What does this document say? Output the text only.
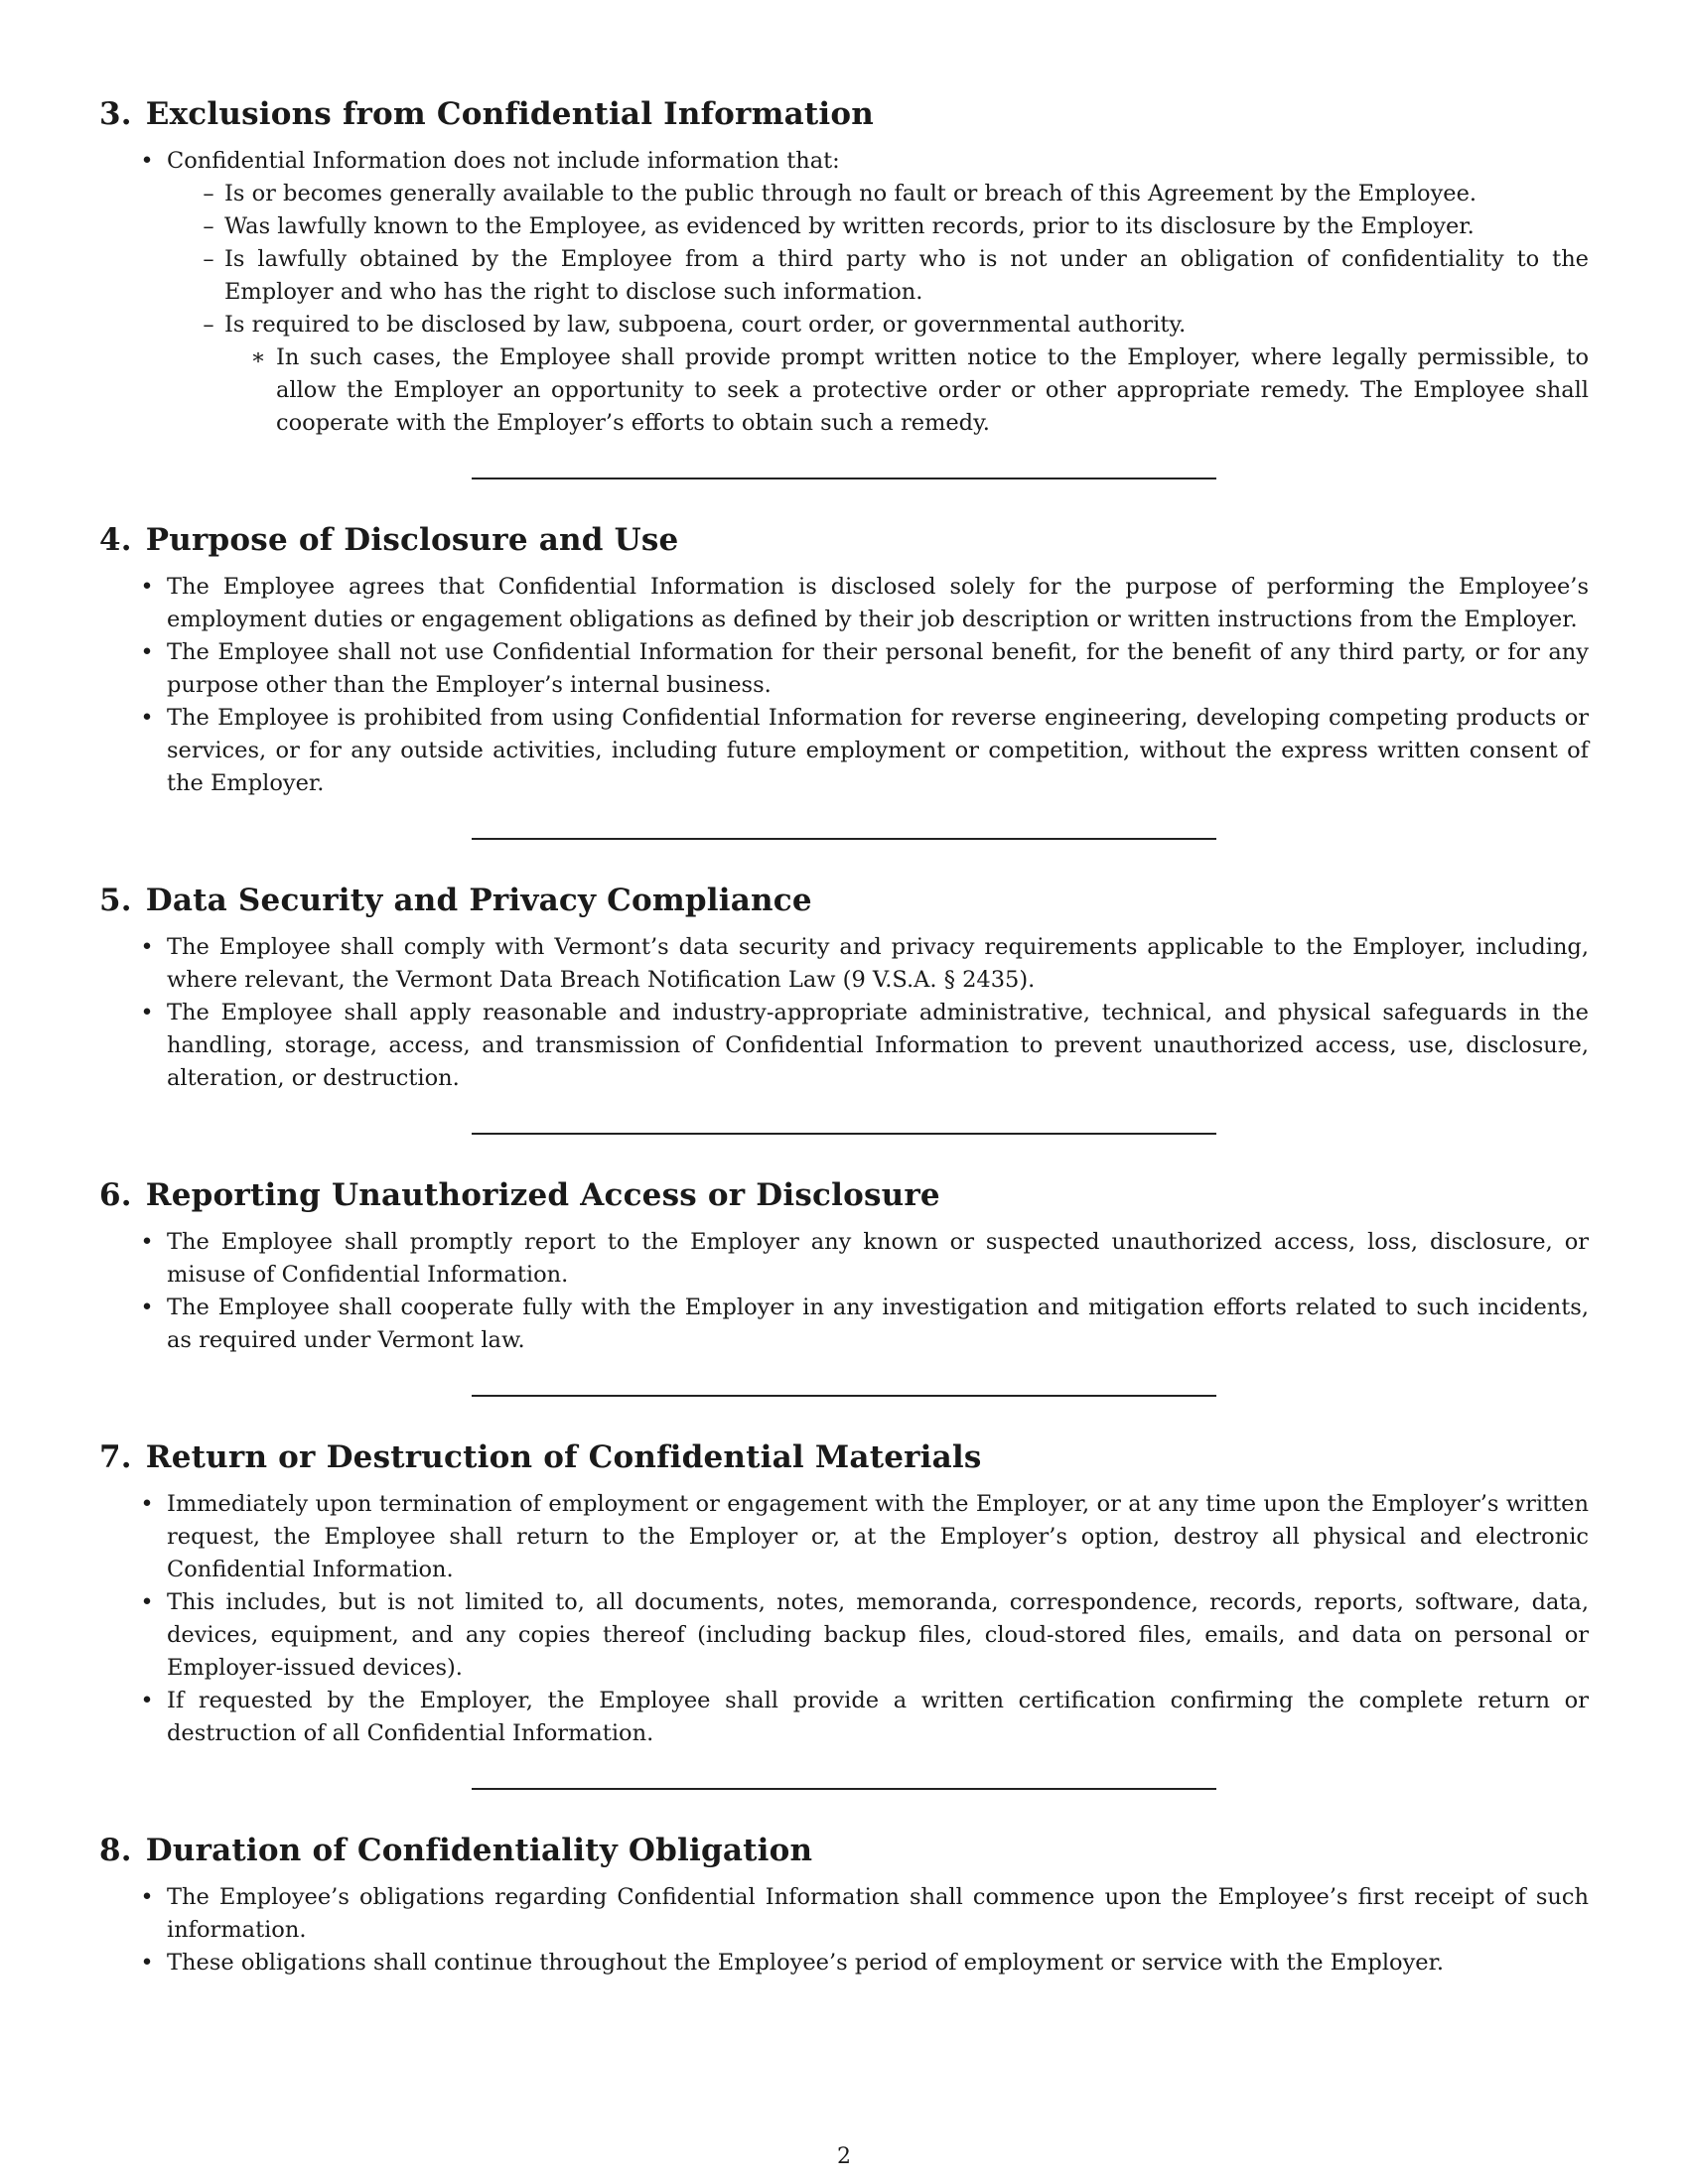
3. Exclusions from Confidential Information
• Confidential Information does not include information that:
– Is or becomes generally available to the public through no fault or breach of this Agreement by the Employee.
– Was lawfully known to the Employee, as evidenced by written records, prior to its disclosure by the Employer.
– Is lawfully obtained by the Employee from a third party who is not under an obligation of confidentiality to the Employer and who has the right to disclose such information.
– Is required to be disclosed by law, subpoena, court order, or governmental authority.
∗ In such cases, the Employee shall provide prompt written notice to the Employer, where legally permissible, to allow the Employer an opportunity to seek a protective order or other appropriate remedy. The Employee shall cooperate with the Employer’s efforts to obtain such a remedy.
4. Purpose of Disclosure and Use
• The Employee agrees that Confidential Information is disclosed solely for the purpose of performing the Employee’s employment duties or engagement obligations as defined by their job description or written instructions from the Employer.
• The Employee shall not use Confidential Information for their personal benefit, for the benefit of any third party, or for any purpose other than the Employer’s internal business.
• The Employee is prohibited from using Confidential Information for reverse engineering, developing competing products or services, or for any outside activities, including future employment or competition, without the express written consent of the Employer.
5. Data Security and Privacy Compliance
• The Employee shall comply with Vermont’s data security and privacy requirements applicable to the Employer, including, where relevant, the Vermont Data Breach Notification Law (9 V.S.A. § 2435).
• The Employee shall apply reasonable and industry-appropriate administrative, technical, and physical safeguards in the handling, storage, access, and transmission of Confidential Information to prevent unauthorized access, use, disclosure, alteration, or destruction.
6. Reporting Unauthorized Access or Disclosure
• The Employee shall promptly report to the Employer any known or suspected unauthorized access, loss, disclosure, or misuse of Confidential Information.
• The Employee shall cooperate fully with the Employer in any investigation and mitigation efforts related to such incidents, as required under Vermont law.
7. Return or Destruction of Confidential Materials
• Immediately upon termination of employment or engagement with the Employer, or at any time upon the Employer’s written request, the Employee shall return to the Employer or, at the Employer’s option, destroy all physical and electronic Confidential Information.
• This includes, but is not limited to, all documents, notes, memoranda, correspondence, records, reports, software, data, devices, equipment, and any copies thereof (including backup files, cloud-stored files, emails, and data on personal or Employer-issued devices).
• If requested by the Employer, the Employee shall provide a written certification confirming the complete return or destruction of all Confidential Information.
8. Duration of Confidentiality Obligation
• The Employee’s obligations regarding Confidential Information shall commence upon the Employee’s first receipt of such information.
• These obligations shall continue throughout the Employee’s period of employment or service with the Employer.
2
